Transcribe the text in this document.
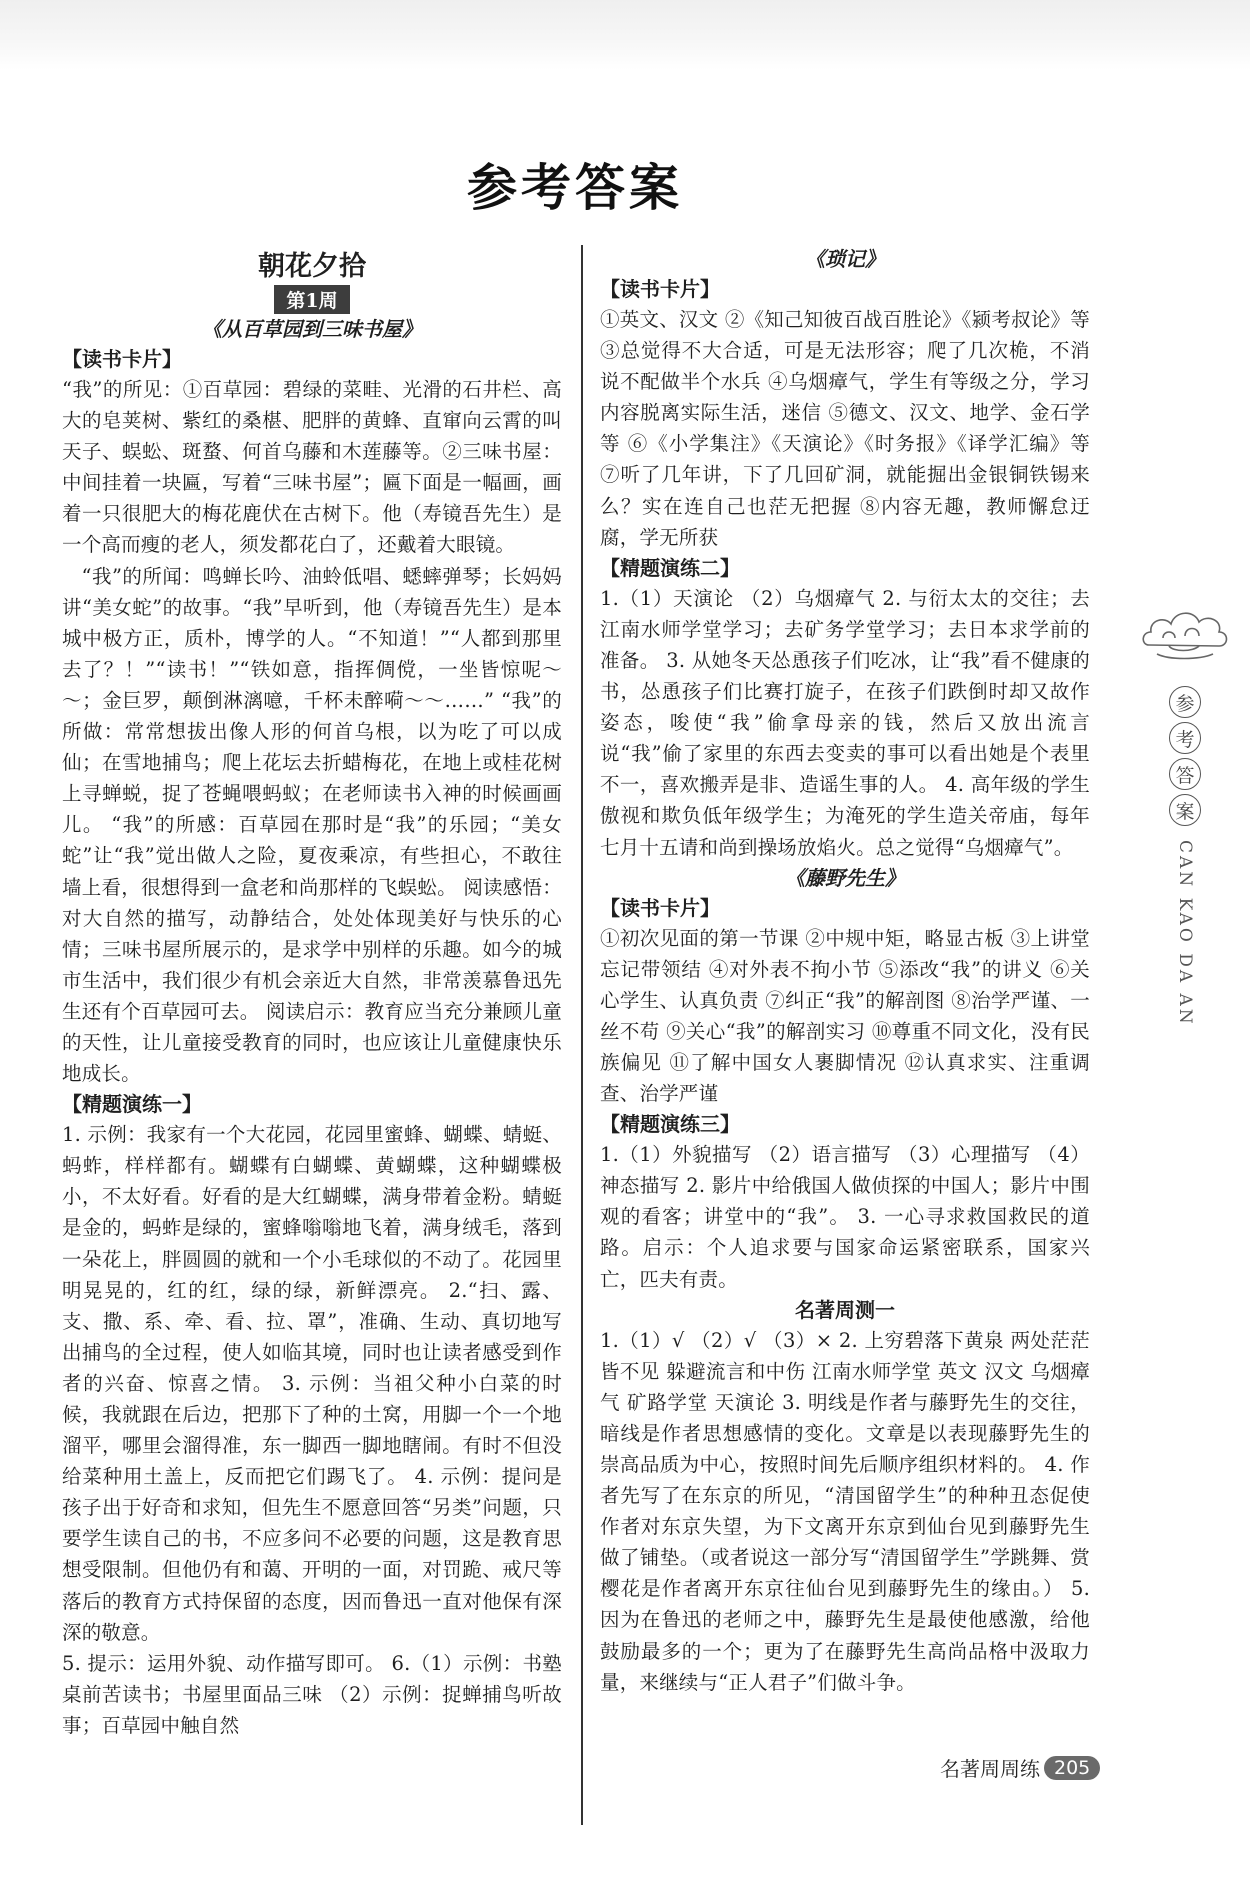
参考答案
朝花夕拾
第1周
《从百草园到三味书屋》
【读书卡片】

“我”的所见：①百草园：碧绿的菜畦、光滑的石井栏、高大的皂荚树、紫红的桑椹、肥胖的黄蜂、直窜向云霄的叫天子、蜈蚣、斑蝥、何首乌藤和木莲藤等。②三味书屋：中间挂着一块匾，写着“三味书屋”；匾下面是一幅画，画着一只很肥大的梅花鹿伏在古树下。他（寿镜吾先生）是一个高而瘦的老人，须发都花白了，还戴着大眼镜。

“我”的所闻：鸣蝉长吟、油蛉低唱、蟋蟀弹琴；长妈妈讲“美女蛇”的故事。“我”早听到，他（寿镜吾先生）是本城中极方正，质朴，博学的人。“不知道！”“人都到那里去了？！”“读书！”“铁如意，指挥倜傥，一坐皆惊呢～～；金巨罗，颠倒淋漓噫，千杯未醉嗬～～……” “我”的所做：常常想拔出像人形的何首乌根，以为吃了可以成仙；在雪地捕鸟；爬上花坛去折蜡梅花，在地上或桂花树上寻蝉蜕，捉了苍蝇喂蚂蚁；在老师读书入神的时候画画儿。 “我”的所感：百草园在那时是“我”的乐园；“美女蛇”让“我”觉出做人之险，夏夜乘凉，有些担心，不敢往墙上看，很想得到一盒老和尚那样的飞蜈蚣。 阅读感悟：对大自然的描写，动静结合，处处体现美好与快乐的心情；三味书屋所展示的，是求学中别样的乐趣。如今的城市生活中，我们很少有机会亲近大自然，非常羡慕鲁迅先生还有个百草园可去。 阅读启示：教育应当充分兼顾儿童的天性，让儿童接受教育的同时，也应该让儿童健康快乐地成长。

【精题演练一】

1. 示例：我家有一个大花园，花园里蜜蜂、蝴蝶、蜻蜓、蚂蚱，样样都有。蝴蝶有白蝴蝶、黄蝴蝶，这种蝴蝶极小，不太好看。好看的是大红蝴蝶，满身带着金粉。蜻蜓是金的，蚂蚱是绿的，蜜蜂嗡嗡地飞着，满身绒毛，落到一朵花上，胖圆圆的就和一个小毛球似的不动了。花园里明晃晃的，红的红，绿的绿，新鲜漂亮。 2.“扫、露、支、撒、系、牵、看、拉、罩”，准确、生动、真切地写出捕鸟的全过程，使人如临其境，同时也让读者感受到作者的兴奋、惊喜之情。 3. 示例：当祖父种小白菜的时候，我就跟在后边，把那下了种的土窝，用脚一个一个地溜平，哪里会溜得准，东一脚西一脚地瞎闹。有时不但没给菜种用土盖上，反而把它们踢飞了。 4. 示例：提问是孩子出于好奇和求知，但先生不愿意回答“另类”问题，只要学生读自己的书，不应多问不必要的问题，这是教育思想受限制。但他仍有和蔼、开明的一面，对罚跪、戒尺等落后的教育方式持保留的态度，因而鲁迅一直对他保有深深的敬意。

5. 提示：运用外貌、动作描写即可。 6.（1）示例：书塾桌前苦读书；书屋里面品三味 （2）示例：捉蝉捕鸟听故事；百草园中触自然

《琐记》
【读书卡片】

①英文、汉文 ②《知己知彼百战百胜论》《颍考叔论》等 ③总觉得不大合适，可是无法形容；爬了几次桅，不消说不配做半个水兵 ④乌烟瘴气，学生有等级之分，学习内容脱离实际生活，迷信 ⑤德文、汉文、地学、金石学等 ⑥《小学集注》《天演论》《时务报》《译学汇编》等 ⑦听了几年讲，下了几回矿洞，就能掘出金银铜铁锡来么？实在连自己也茫无把握 ⑧内容无趣，教师懈怠迂腐，学无所获

【精题演练二】

1.（1）天演论 （2）乌烟瘴气 2. 与衍太太的交往；去江南水师学堂学习；去矿务学堂学习；去日本求学前的准备。 3. 从她冬天怂恿孩子们吃冰，让“我”看不健康的书，怂恿孩子们比赛打旋子，在孩子们跌倒时却又故作姿态，唆使“我”偷拿母亲的钱，然后又放出流言说“我”偷了家里的东西去变卖的事可以看出她是个表里不一，喜欢搬弄是非、造谣生事的人。 4. 高年级的学生傲视和欺负低年级学生；为淹死的学生造关帝庙，每年七月十五请和尚到操场放焰火。总之觉得“乌烟瘴气”。

《藤野先生》
【读书卡片】

①初次见面的第一节课 ②中规中矩，略显古板 ③上讲堂忘记带领结 ④对外表不拘小节 ⑤添改“我”的讲义 ⑥关心学生、认真负责 ⑦纠正“我”的解剖图 ⑧治学严谨、一丝不苟 ⑨关心“我”的解剖实习 ⑩尊重不同文化，没有民族偏见 ⑪了解中国女人裹脚情况 ⑫认真求实、注重调查、治学严谨

【精题演练三】

1.（1）外貌描写 （2）语言描写 （3）心理描写 （4）神态描写 2. 影片中给俄国人做侦探的中国人；影片中围观的看客；讲堂中的“我”。 3. 一心寻求救国救民的道路。启示：个人追求要与国家命运紧密联系，国家兴亡，匹夫有责。

名著周测一

1.（1）√ （2）√ （3）× 2. 上穷碧落下黄泉 两处茫茫皆不见 躲避流言和中伤 江南水师学堂 英文 汉文 乌烟瘴气 矿路学堂 天演论 3. 明线是作者与藤野先生的交往，暗线是作者思想感情的变化。文章是以表现藤野先生的崇高品质为中心，按照时间先后顺序组织材料的。 4. 作者先写了在东京的所见，“清国留学生”的种种丑态促使作者对东京失望，为下文离开东京到仙台见到藤野先生做了铺垫。（或者说这一部分写“清国留学生”学跳舞、赏樱花是作者离开东京往仙台见到藤野先生的缘由。） 5. 因为在鲁迅的老师之中，藤野先生是最使他感激，给他鼓励最多的一个；更为了在藤野先生高尚品格中汲取力量，来继续与“正人君子”们做斗争。

参
考
答
案
CAN KAO DA AN
名著周周练 205
